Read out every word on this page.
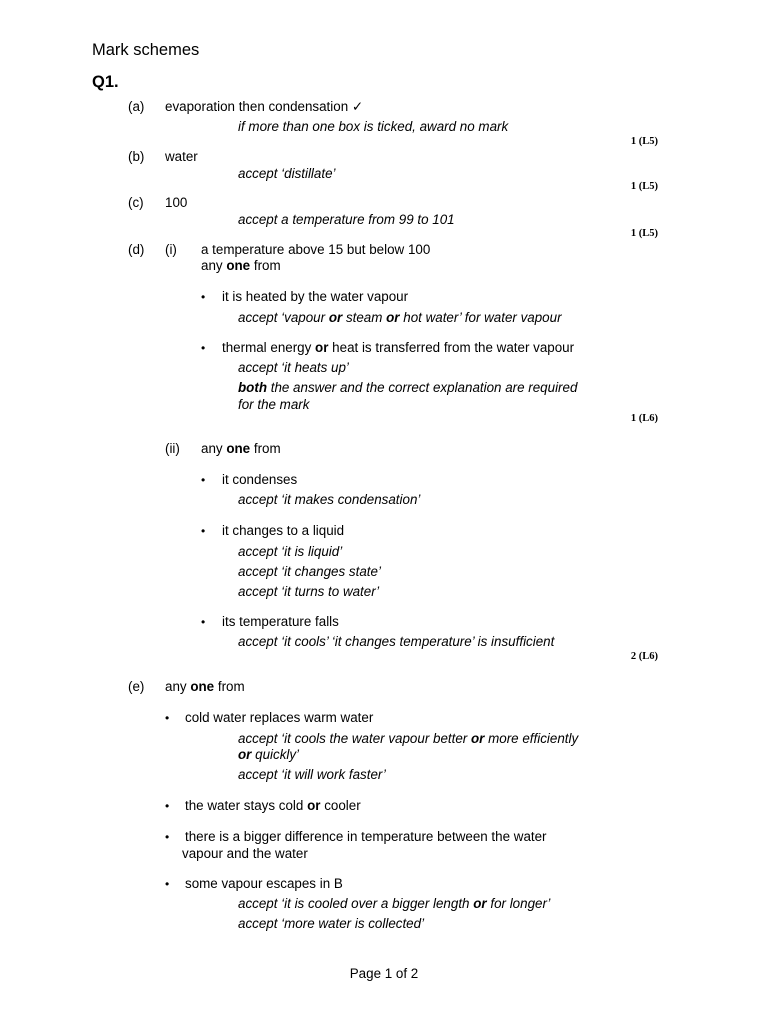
Mark schemes
Q1.
(a) evaporation then condensation ✓
if more than one box is ticked, award no mark
1 (L5)
(b) water
accept ‘distillate’
1 (L5)
(c) 100
accept a temperature from 99 to 101
1 (L5)
(d) (i) a temperature above 15 but below 100
any one from
• it is heated by the water vapour
accept ‘vapour or steam or hot water’ for water vapour
• thermal energy or heat is transferred from the water vapour
accept ‘it heats up’
both the answer and the correct explanation are required
for the mark
1 (L6)
(ii) any one from
• it condenses
accept ‘it makes condensation’
• it changes to a liquid
accept ‘it is liquid’
accept ‘it changes state’
accept ‘it turns to water’
• its temperature falls
accept ‘it cools’ ‘it changes temperature’ is insufficient
2 (L6)
(e) any one from
• cold water replaces warm water
accept ‘it cools the water vapour better or more efficiently
or quickly’
accept ‘it will work faster’
• the water stays cold or cooler
• there is a bigger difference in temperature between the water
vapour and the water
• some vapour escapes in B
accept ‘it is cooled over a bigger length or for longer’
accept ‘more water is collected’
Page 1 of 2
